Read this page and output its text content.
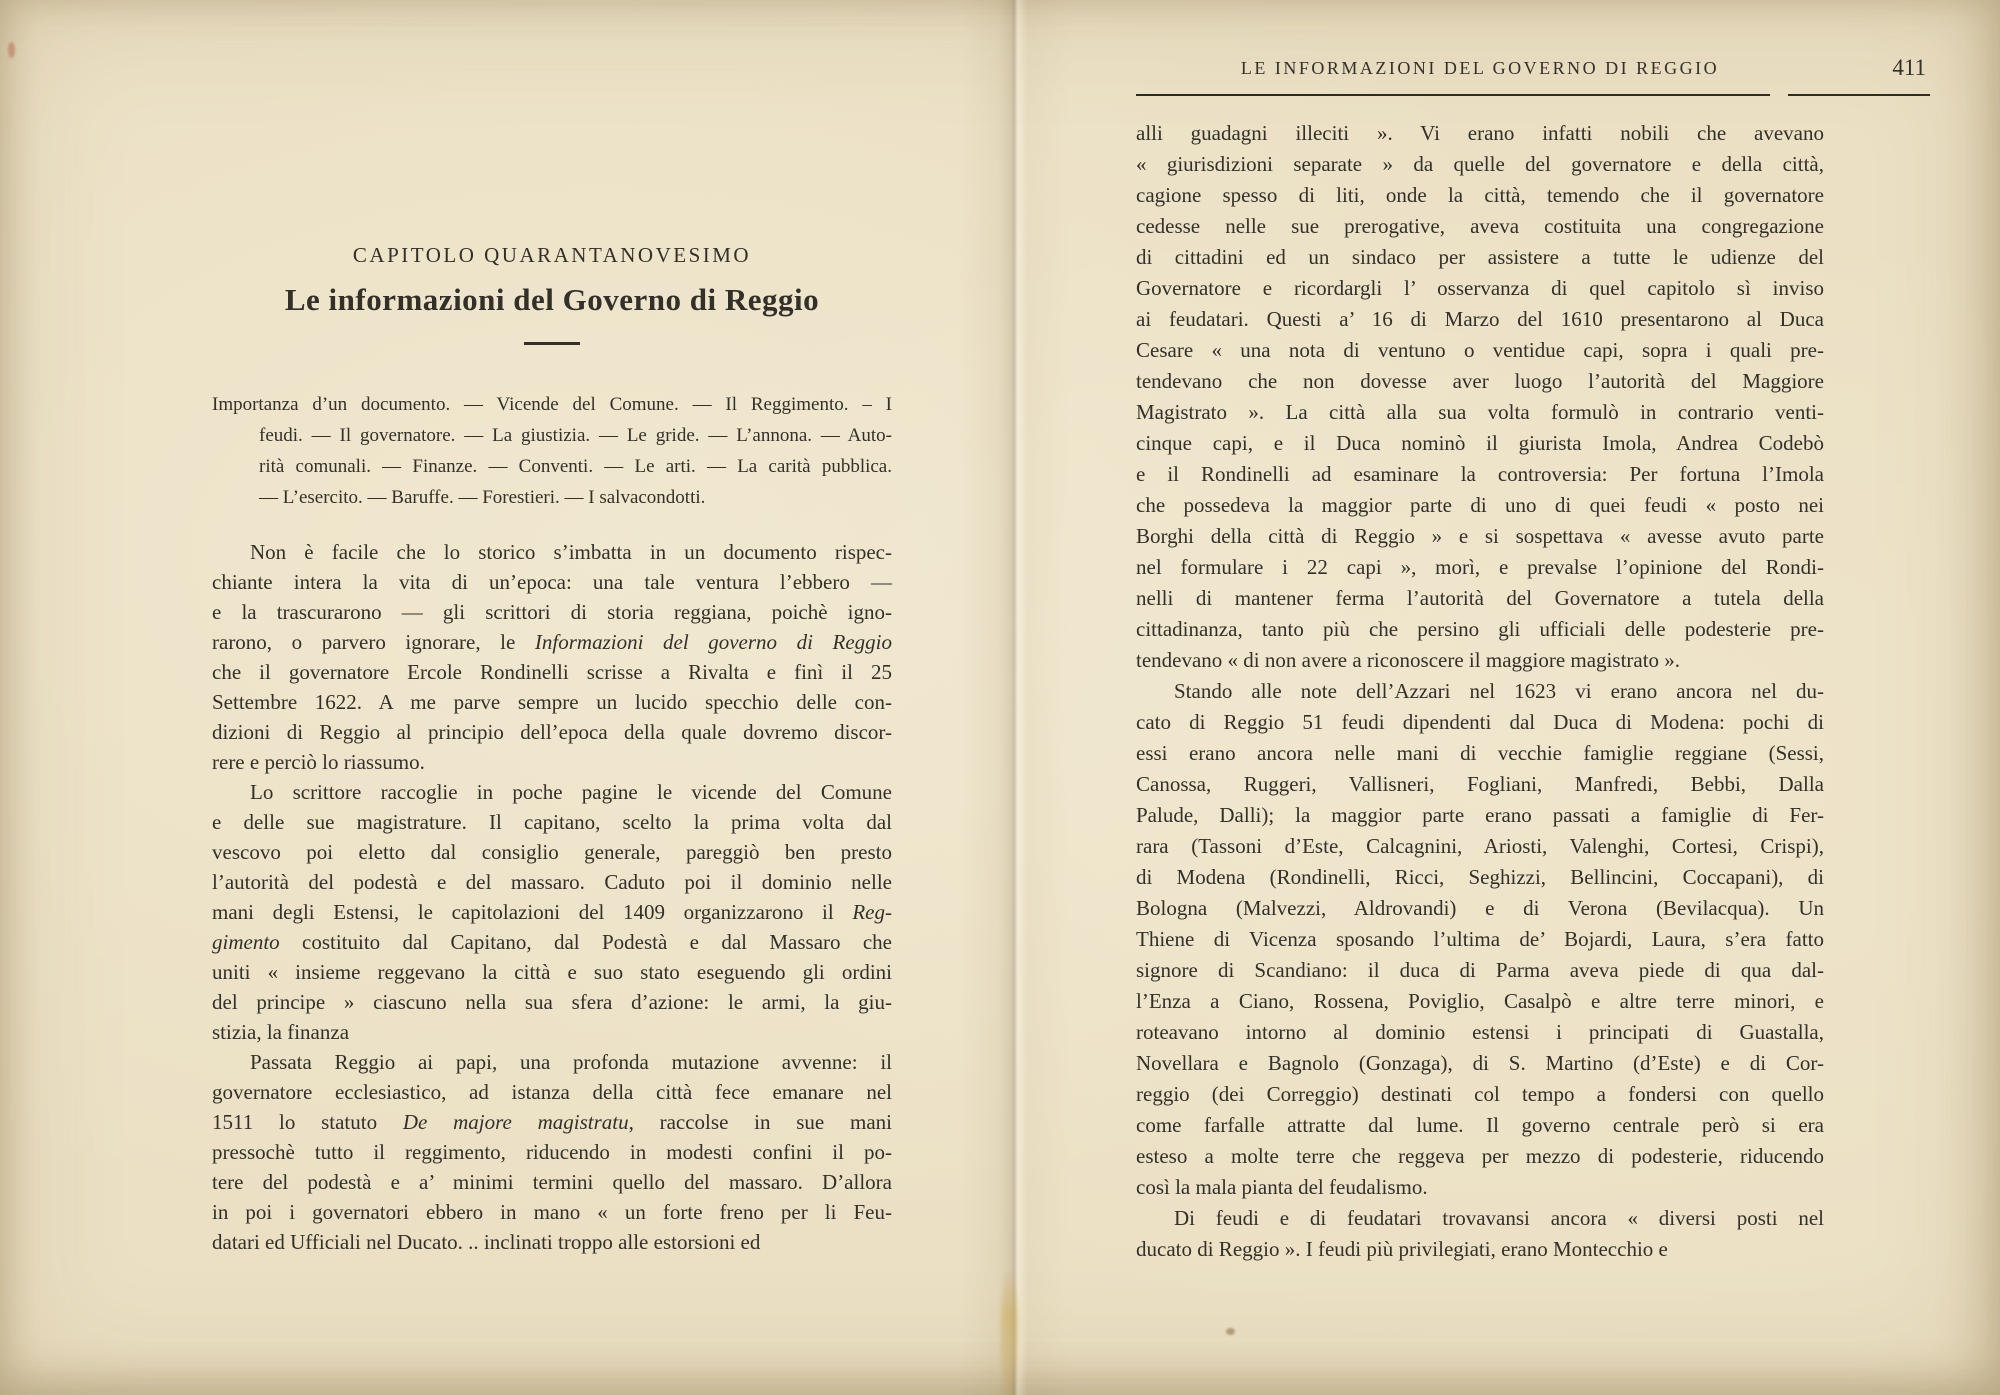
CAPITOLO QUARANTANOVESIMO
Le informazioni del Governo di Reggio
Importanza d’un documento. — Vicende del Comune. — Il Reggimento. – I
feudi. — Il governatore. — La giustizia. — Le gride. — L’annona. — Auto-
rità comunali. — Finanze. — Conventi. — Le arti. — La carità pubblica.
— L’esercito. — Baruffe. — Forestieri. — I salvacondotti.
Non è facile che lo storico s’imbatta in un documento rispec-
chiante intera la vita di un’epoca: una tale ventura l’ebbero —
e la trascurarono — gli scrittori di storia reggiana, poichè igno-
rarono, o parvero ignorare, le Informazioni del governo di Reggio
che il governatore Ercole Rondinelli scrisse a Rivalta e finì il 25
Settembre 1622. A me parve sempre un lucido specchio delle con-
dizioni di Reggio al principio dell’epoca della quale dovremo discor-
rere e perciò lo riassumo.
Lo scrittore raccoglie in poche pagine le vicende del Comune
e delle sue magistrature. Il capitano, scelto la prima volta dal
vescovo poi eletto dal consiglio generale, pareggiò ben presto
l’autorità del podestà e del massaro. Caduto poi il dominio nelle
mani degli Estensi, le capitolazioni del 1409 organizzarono il Reg-
gimento costituito dal Capitano, dal Podestà e dal Massaro che
uniti « insieme reggevano la città e suo stato eseguendo gli ordini
del principe » ciascuno nella sua sfera d’azione: le armi, la giu-
stizia, la finanza
Passata Reggio ai papi, una profonda mutazione avvenne: il
governatore ecclesiastico, ad istanza della città fece emanare nel
1511 lo statuto De majore magistratu, raccolse in sue mani
pressochè tutto il reggimento, riducendo in modesti confini il po-
tere del podestà e a’ minimi termini quello del massaro. D’allora
in poi i governatori ebbero in mano « un forte freno per li Feu-
datari ed Ufficiali nel Ducato. .. inclinati troppo alle estorsioni ed
LE INFORMAZIONI DEL GOVERNO DI REGGIO	411
alli guadagni illeciti ». Vi erano infatti nobili che avevano
« giurisdizioni separate » da quelle del governatore e della città,
cagione spesso di liti, onde la città, temendo che il governatore
cedesse nelle sue prerogative, aveva costituita una congregazione
di cittadini ed un sindaco per assistere a tutte le udienze del
Governatore e ricordargli l’ osservanza di quel capitolo sì inviso
ai feudatari. Questi a’ 16 di Marzo del 1610 presentarono al Duca
Cesare « una nota di ventuno o ventidue capi, sopra i quali pre-
tendevano che non dovesse aver luogo l’autorità del Maggiore
Magistrato ». La città alla sua volta formulò in contrario venti-
cinque capi, e il Duca nominò il giurista Imola, Andrea Codebò
e il Rondinelli ad esaminare la controversia: Per fortuna l’Imola
che possedeva la maggior parte di uno di quei feudi « posto nei
Borghi della città di Reggio » e si sospettava « avesse avuto parte
nel formulare i 22 capi », morì, e prevalse l’opinione del Rondi-
nelli di mantener ferma l’autorità del Governatore a tutela della
cittadinanza, tanto più che persino gli ufficiali delle podesterie pre-
tendevano « di non avere a riconoscere il maggiore magistrato ».
Stando alle note dell’Azzari nel 1623 vi erano ancora nel du-
cato di Reggio 51 feudi dipendenti dal Duca di Modena: pochi di
essi erano ancora nelle mani di vecchie famiglie reggiane (Sessi,
Canossa, Ruggeri, Vallisneri, Fogliani, Manfredi, Bebbi, Dalla
Palude, Dalli); la maggior parte erano passati a famiglie di Fer-
rara (Tassoni d’Este, Calcagnini, Ariosti, Valenghi, Cortesi, Crispi),
di Modena (Rondinelli, Ricci, Seghizzi, Bellincini, Coccapani), di
Bologna (Malvezzi, Aldrovandi) e di Verona (Bevilacqua). Un
Thiene di Vicenza sposando l’ultima de’ Bojardi, Laura, s’era fatto
signore di Scandiano: il duca di Parma aveva piede di qua dal-
l’Enza a Ciano, Rossena, Poviglio, Casalpò e altre terre minori, e
roteavano intorno al dominio estensi i principati di Guastalla,
Novellara e Bagnolo (Gonzaga), di S. Martino (d’Este) e di Cor-
reggio (dei Correggio) destinati col tempo a fondersi con quello
come farfalle attratte dal lume. Il governo centrale però si era
esteso a molte terre che reggeva per mezzo di podesterie, riducendo
così la mala pianta del feudalismo.
Di feudi e di feudatari trovavansi ancora « diversi posti nel
ducato di Reggio ». I feudi più privilegiati, erano Montecchio e
